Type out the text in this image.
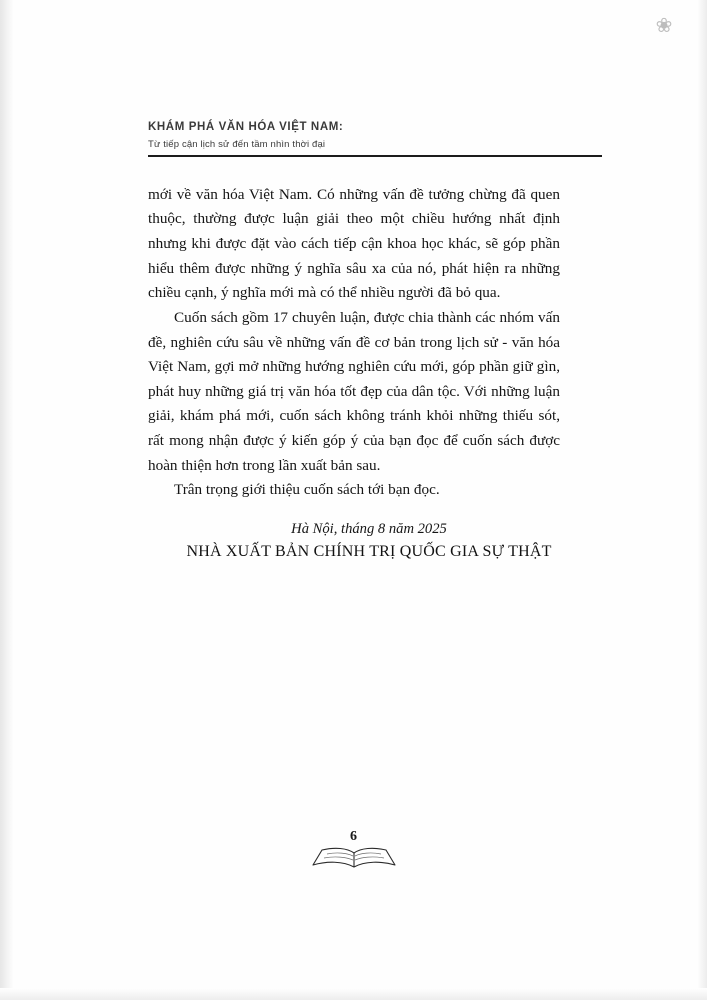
❀
KHÁM PHÁ VĂN HÓA VIỆT NAM:
Từ tiếp cận lịch sử đến tầm nhìn thời đại

mới về văn hóa Việt Nam. Có những vấn đề tưởng chừng đã quen thuộc, thường được luận giải theo một chiều hướng nhất định nhưng khi được đặt vào cách tiếp cận khoa học khác, sẽ góp phần hiểu thêm được những ý nghĩa sâu xa của nó, phát hiện ra những chiều cạnh, ý nghĩa mới mà có thể nhiều người đã bỏ qua.

Cuốn sách gồm 17 chuyên luận, được chia thành các nhóm vấn đề, nghiên cứu sâu về những vấn đề cơ bản trong lịch sử - văn hóa Việt Nam, gợi mở những hướng nghiên cứu mới, góp phần giữ gìn, phát huy những giá trị văn hóa tốt đẹp của dân tộc. Với những luận giải, khám phá mới, cuốn sách không tránh khỏi những thiếu sót, rất mong nhận được ý kiến góp ý của bạn đọc để cuốn sách được hoàn thiện hơn trong lần xuất bản sau.

Trân trọng giới thiệu cuốn sách tới bạn đọc.

Hà Nội, tháng 8 năm 2025
NHÀ XUẤT BẢN CHÍNH TRỊ QUỐC GIA SỰ THẬT
6
